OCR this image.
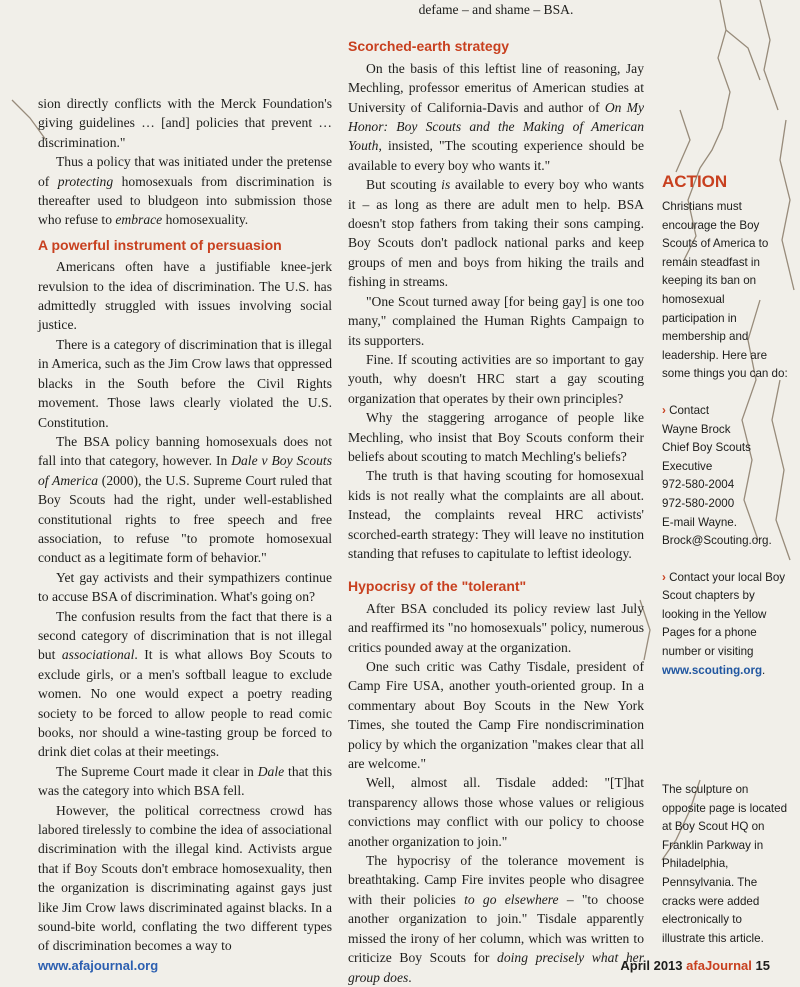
sion directly conflicts with the Merck Foundation's giving guidelines … [and] policies that prevent … discrimination."

Thus a policy that was initiated under the pretense of protecting homosexuals from discrimination is thereafter used to bludgeon into submission those who refuse to embrace homosexuality.

A powerful instrument of persuasion

Americans often have a justifiable knee-jerk revulsion to the idea of discrimination. The U.S. has admittedly struggled with issues involving social justice.

There is a category of discrimination that is illegal in America, such as the Jim Crow laws that oppressed blacks in the South before the Civil Rights movement. Those laws clearly violated the U.S. Constitution.

The BSA policy banning homosexuals does not fall into that category, however. In Dale v Boy Scouts of America (2000), the U.S. Supreme Court ruled that Boy Scouts had the right, under well-established constitutional rights to free speech and free association, to refuse "to promote homosexual conduct as a legitimate form of behavior."

Yet gay activists and their sympathizers continue to accuse BSA of discrimination. What's going on?

The confusion results from the fact that there is a second category of discrimination that is not illegal but associational. It is what allows Boy Scouts to exclude girls, or a men's softball league to exclude women. No one would expect a poetry reading society to be forced to allow people to read comic books, nor should a wine-tasting group be forced to drink diet colas at their meetings.

The Supreme Court made it clear in Dale that this was the category into which BSA fell.

However, the political correctness crowd has labored tirelessly to combine the idea of associational discrimination with the illegal kind. Activists argue that if Boy Scouts don't embrace homosexuality, then the organization is discriminating against gays just like Jim Crow laws discriminated against blacks. In a sound-bite world, conflating the two different types of discrimination becomes a way to

defame – and shame – BSA.

Scorched-earth strategy

On the basis of this leftist line of reasoning, Jay Mechling, professor emeritus of American studies at University of California-Davis and author of On My Honor: Boy Scouts and the Making of American Youth, insisted, "The scouting experience should be available to every boy who wants it."

But scouting is available to every boy who wants it – as long as there are adult men to help. BSA doesn't stop fathers from taking their sons camping. Boy Scouts don't padlock national parks and keep groups of men and boys from hiking the trails and fishing in streams.

"One Scout turned away [for being gay] is one too many," complained the Human Rights Campaign to its supporters.

Fine. If scouting activities are so important to gay youth, why doesn't HRC start a gay scouting organization that operates by their own principles?

Why the staggering arrogance of people like Mechling, who insist that Boy Scouts conform their beliefs about scouting to match Mechling's beliefs?

The truth is that having scouting for homosexual kids is not really what the complaints are all about. Instead, the complaints reveal HRC activists' scorched-earth strategy: They will leave no institution standing that refuses to capitulate to leftist ideology.

Hypocrisy of the "tolerant"

After BSA concluded its policy review last July and reaffirmed its "no homosexuals" policy, numerous critics pounded away at the organization.

One such critic was Cathy Tisdale, president of Camp Fire USA, another youth-oriented group. In a commentary about Boy Scouts in the New York Times, she touted the Camp Fire nondiscrimination policy by which the organization "makes clear that all are welcome."

Well, almost all. Tisdale added: "[T]hat transparency allows those whose values or religious convictions may conflict with our policy to choose another organization to join."

The hypocrisy of the tolerance movement is breathtaking. Camp Fire invites people who disagree with their policies to go elsewhere – "to choose another organization to join." Tisdale apparently missed the irony of her column, which was written to criticize Boy Scouts for doing precisely what her group does.

ACTION

Christians must encourage the Boy Scouts of America to remain steadfast in keeping its ban on homosexual participation in membership and leadership. Here are some things you can do:

› Contact
Wayne Brock
Chief Boy Scouts
Executive
972-580-2004
972-580-2000
E-mail Wayne.
Brock@Scouting.org.

› Contact your local Boy Scout chapters by looking in the Yellow Pages for a phone number or visiting www.scouting.org.

The sculpture on opposite page is located at Boy Scout HQ on Franklin Parkway in Philadelphia, Pennsylvania. The cracks were added electronically to illustrate this article.
www.afajournal.org	April 2013 afaJournal 15
